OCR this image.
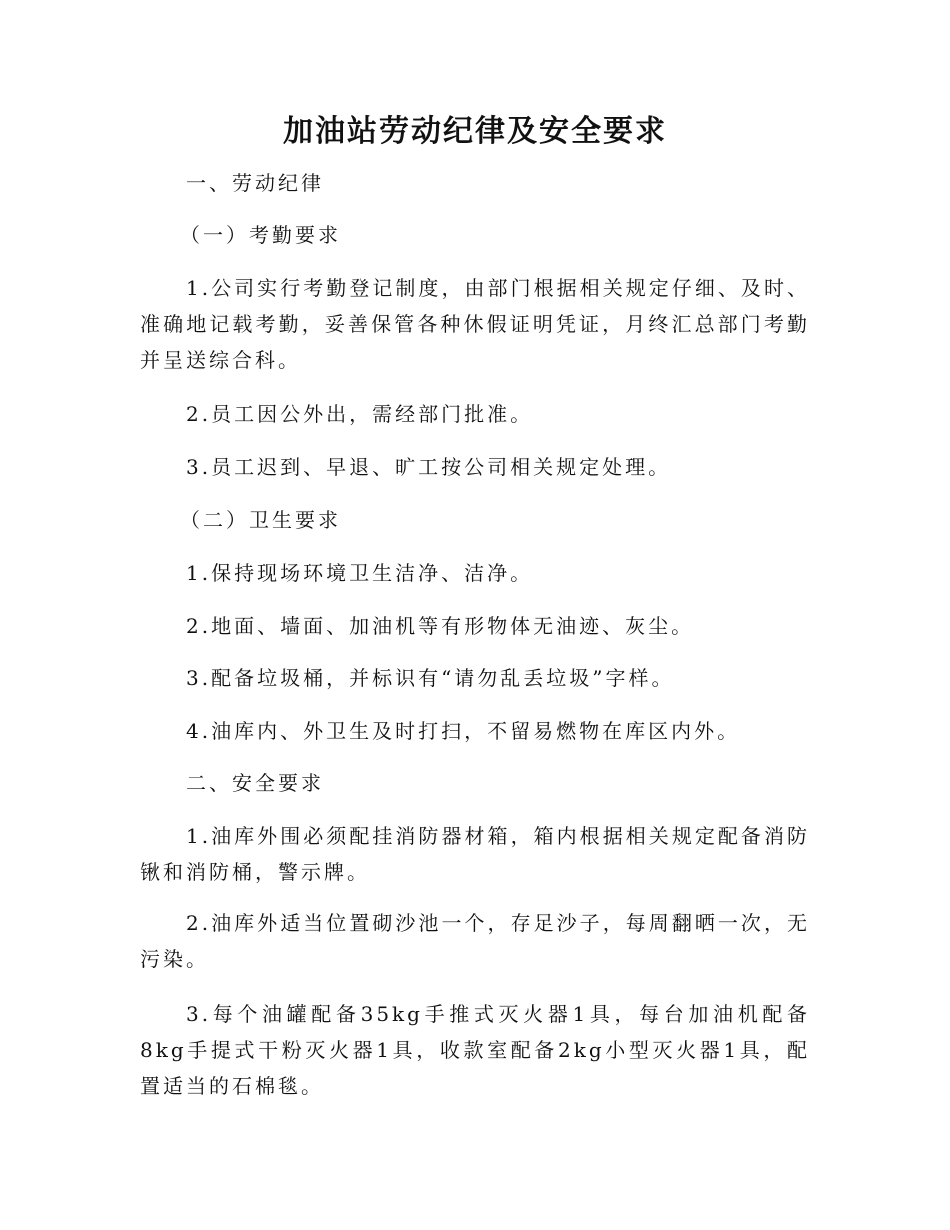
加油站劳动纪律及安全要求
一、劳动纪律
（一）考勤要求
1.公司实行考勤登记制度，由部门根据相关规定仔细、及时、准确地记载考勤，妥善保管各种休假证明凭证，月终汇总部门考勤并呈送综合科。
2.员工因公外出，需经部门批准。
3.员工迟到、早退、旷工按公司相关规定处理。
（二）卫生要求
1.保持现场环境卫生洁净、洁净。
2.地面、墙面、加油机等有形物体无油迹、灰尘。
3.配备垃圾桶，并标识有“请勿乱丢垃圾”字样。
4.油库内、外卫生及时打扫，不留易燃物在库区内外。
二、安全要求
1.油库外围必须配挂消防器材箱，箱内根据相关规定配备消防锹和消防桶，警示牌。
2.油库外适当位置砌沙池一个，存足沙子，每周翻晒一次，无污染。
3.每个油罐配备35kg手推式灭火器1具，每台加油机配备8kg手提式干粉灭火器1具，收款室配备2kg小型灭火器1具，配置适当的石棉毯。
